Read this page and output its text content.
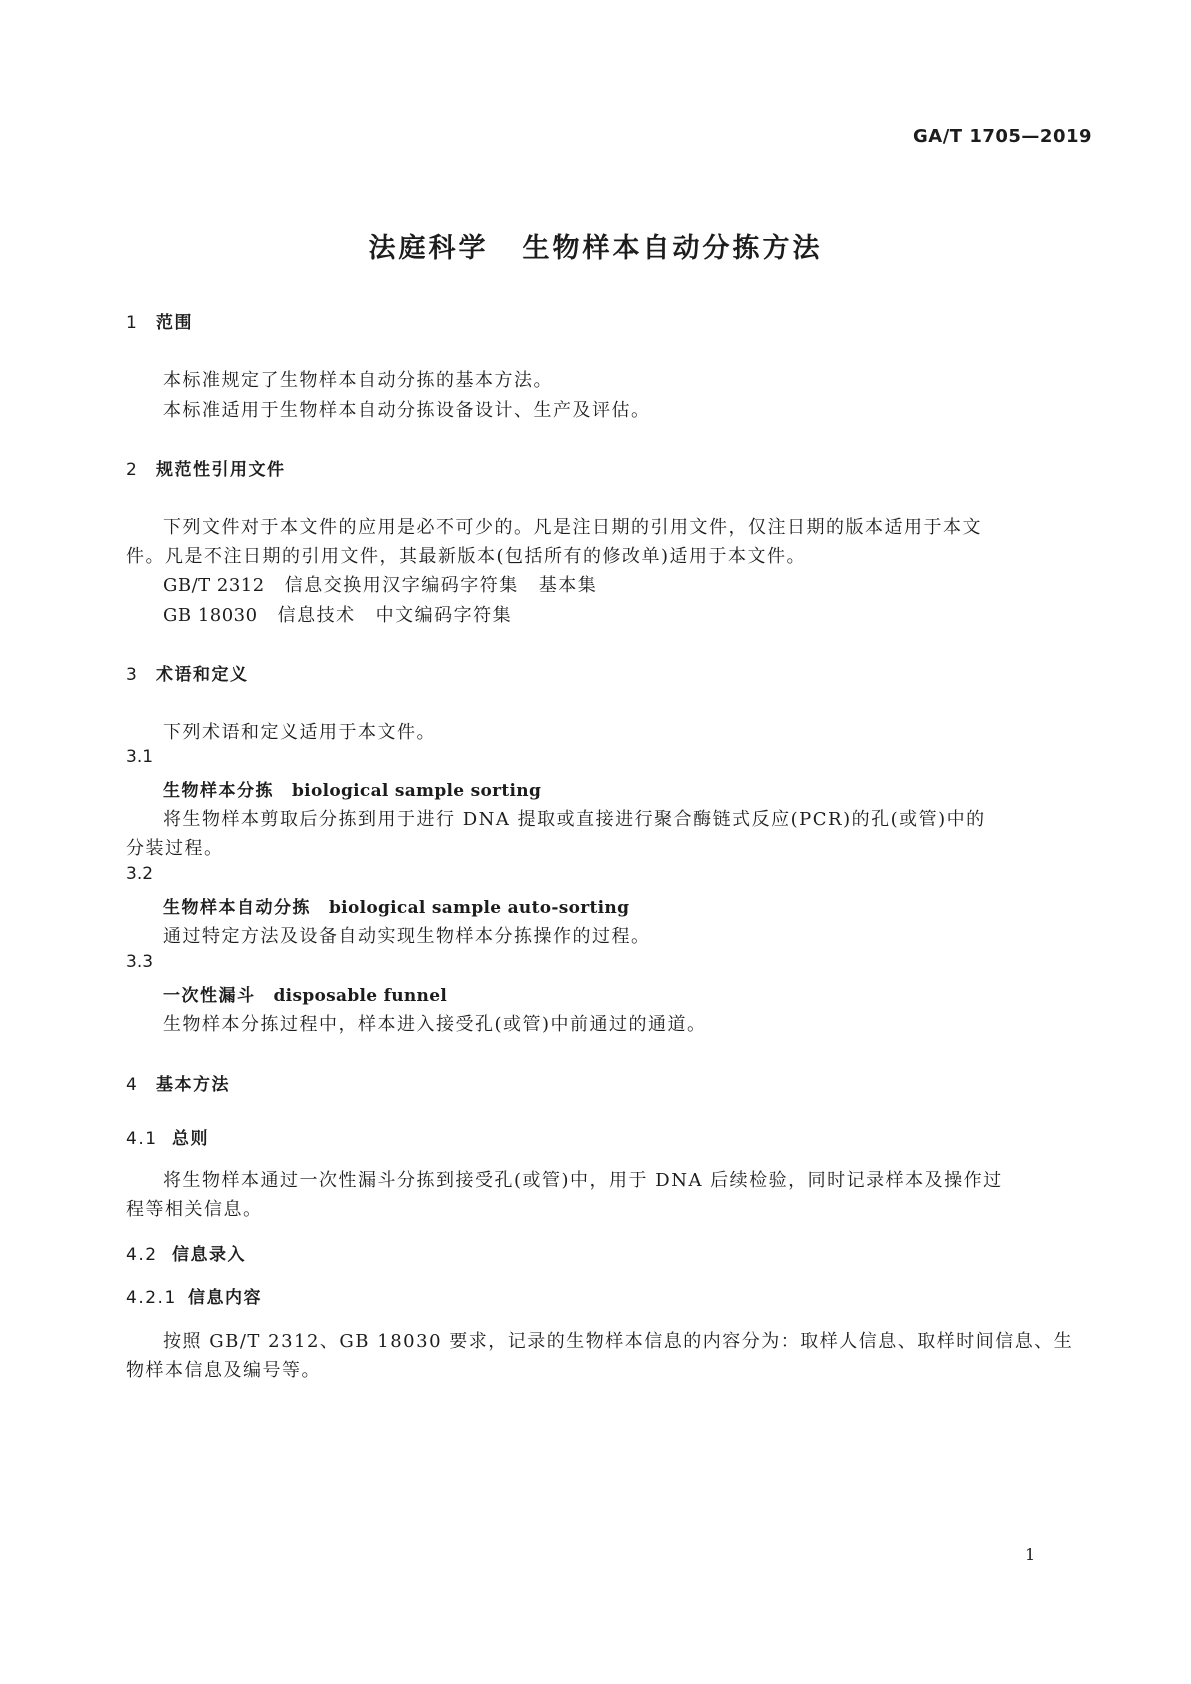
GA/T 1705—2019
法庭科学 生物样本自动分拣方法
1 范围
本标准规定了生物样本自动分拣的基本方法。
本标准适用于生物样本自动分拣设备设计、生产及评估。
2 规范性引用文件
下列文件对于本文件的应用是必不可少的。凡是注日期的引用文件，仅注日期的版本适用于本文
件。凡是不注日期的引用文件，其最新版本(包括所有的修改单)适用于本文件。
GB/T 2312 信息交换用汉字编码字符集 基本集
GB 18030 信息技术 中文编码字符集
3 术语和定义
下列术语和定义适用于本文件。
3.1
生物样本分拣 biological sample sorting
将生物样本剪取后分拣到用于进行 DNA 提取或直接进行聚合酶链式反应(PCR)的孔(或管)中的
分装过程。
3.2
生物样本自动分拣 biological sample auto-sorting
通过特定方法及设备自动实现生物样本分拣操作的过程。
3.3
一次性漏斗 disposable funnel
生物样本分拣过程中，样本进入接受孔(或管)中前通过的通道。
4 基本方法
4.1 总则
将生物样本通过一次性漏斗分拣到接受孔(或管)中，用于 DNA 后续检验，同时记录样本及操作过
程等相关信息。
4.2 信息录入
4.2.1 信息内容
按照 GB/T 2312、GB 18030 要求，记录的生物样本信息的内容分为：取样人信息、取样时间信息、生
物样本信息及编号等。
1
